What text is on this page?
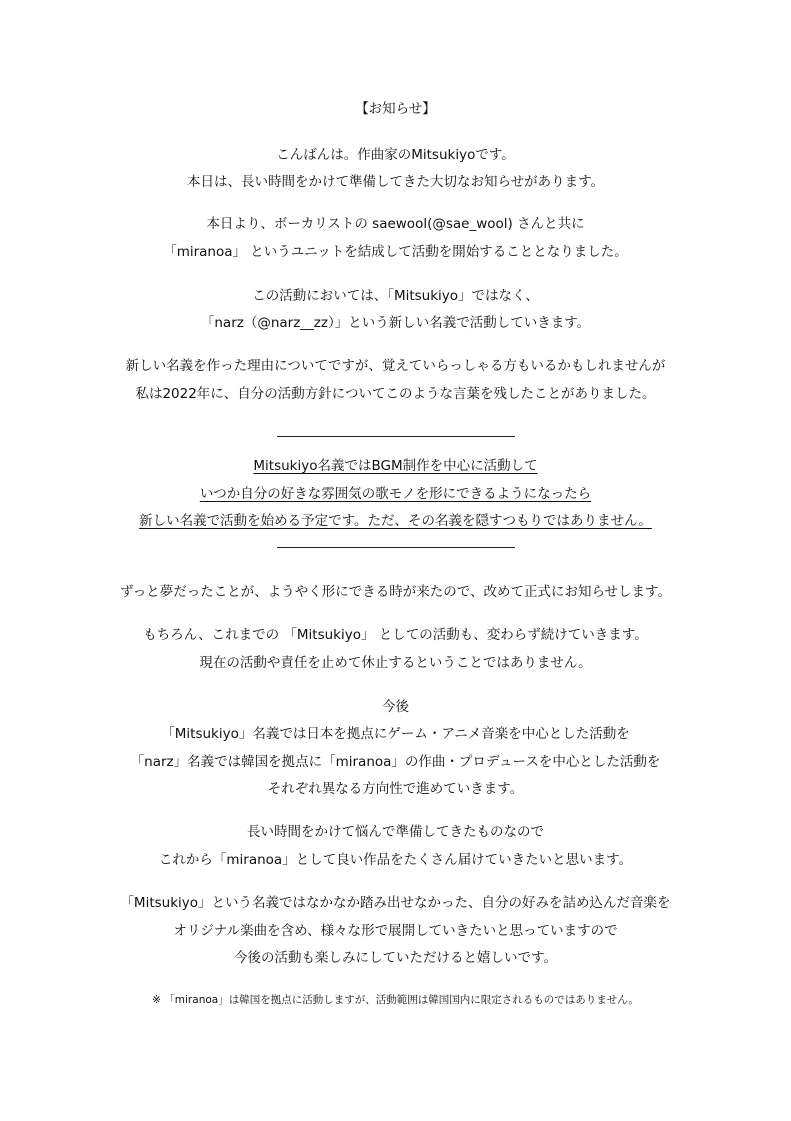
【お知らせ】
こんばんは。作曲家のMitsukiyoです。
本日は、長い時間をかけて準備してきた大切なお知らせがあります。
本日より、ボーカリストの saewool(@sae_wool) さんと共に
「miranoa」 というユニットを結成して活動を開始することとなりました。
この活動においては、「Mitsukiyo」ではなく、
「narz（@narz__zz）」という新しい名義で活動していきます。
新しい名義を作った理由についてですが、覚えていらっしゃる方もいるかもしれませんが
私は2022年に、自分の活動方針についてこのような言葉を残したことがありました。
Mitsukiyo名義ではBGM制作を中心に活動して
いつか自分の好きな雰囲気の歌モノを形にできるようになったら
新しい名義で活動を始める予定です。ただ、その名義を隠すつもりではありません。
ずっと夢だったことが、ようやく形にできる時が来たので、改めて正式にお知らせします。
もちろん、これまでの 「Mitsukiyo」 としての活動も、変わらず続けていきます。
現在の活動や責任を止めて休止するということではありません。
今後
「Mitsukiyo」名義では日本を拠点にゲーム・アニメ音楽を中心とした活動を
「narz」名義では韓国を拠点に「miranoa」の作曲・プロデュースを中心とした活動を
それぞれ異なる方向性で進めていきます。
長い時間をかけて悩んで準備してきたものなので
これから「miranoa」として良い作品をたくさん届けていきたいと思います。
「Mitsukiyo」という名義ではなかなか踏み出せなかった、自分の好みを詰め込んだ音楽を
オリジナル楽曲を含め、様々な形で展開していきたいと思っていますので
今後の活動も楽しみにしていただけると嬉しいです。
※ 「miranoa」は韓国を拠点に活動しますが、活動範囲は韓国国内に限定されるものではありません。
